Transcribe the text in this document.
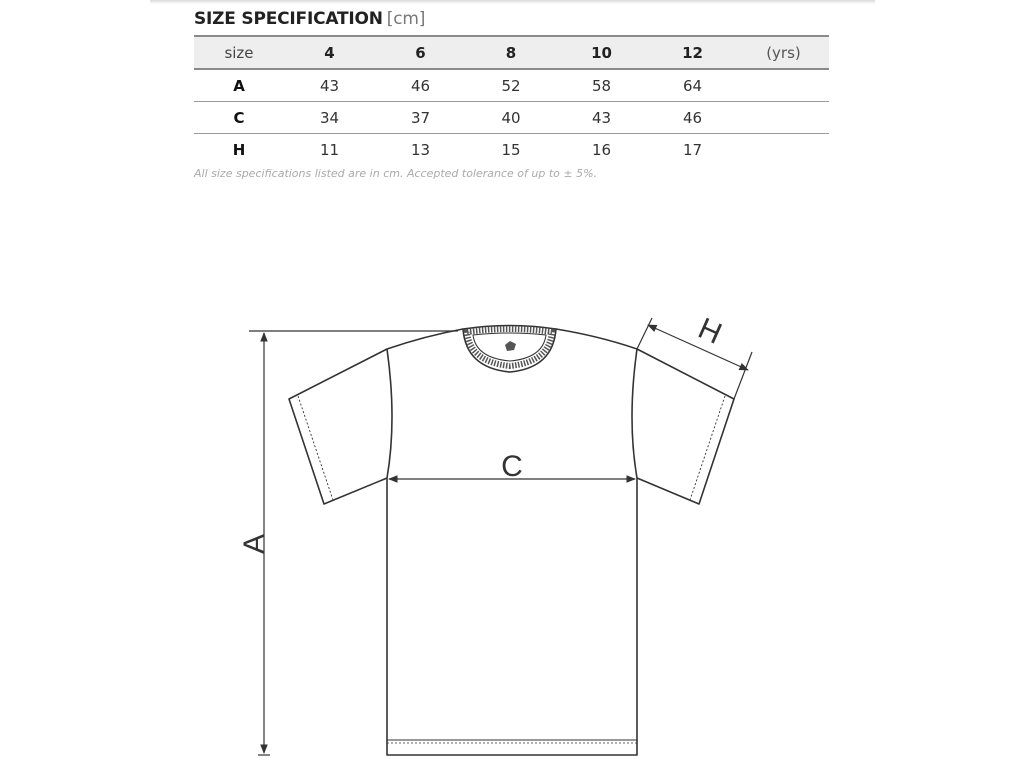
SIZE SPECIFICATION [cm]
size	4	6	8	10	12	(yrs)
A	43	46	52	58	64	
C	34	37	40	43	46	
H	11	13	15	16	17	
All size specifications listed are in cm. Accepted tolerance of up to ± 5%.
A
C
H
